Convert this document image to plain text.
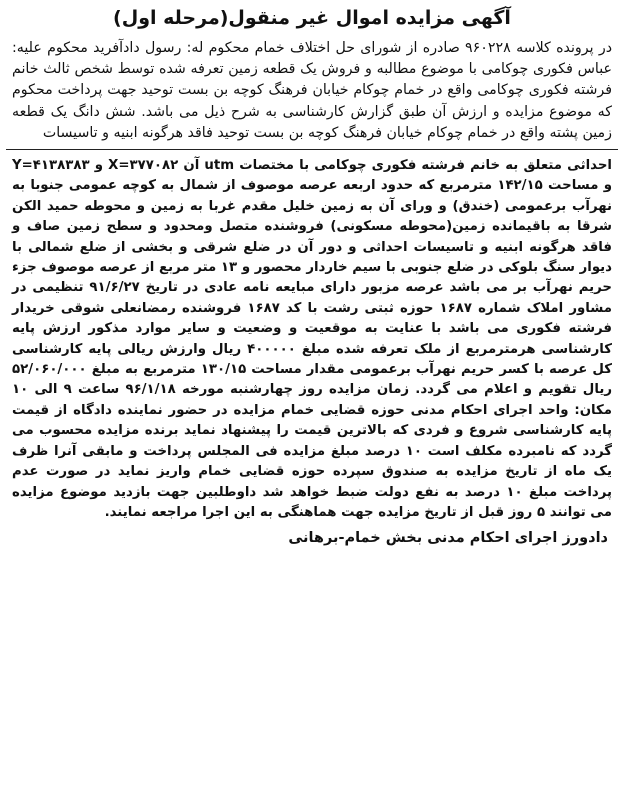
آگهی مزایده اموال غیر منقول(مرحله اول)

در پرونده کلاسه ۹۶۰۲۲۸ صادره از شورای حل اختلاف خمام محکوم له: رسول دادآفرید محکوم علیه: عباس فکوری چوکامی با موضوع مطالبه و فروش یک قطعه زمین تعرفه شده توسط شخص ثالث خانم فرشته فکوری چوکامی واقع در خمام چوکام خیابان فرهنگ کوچه بن بست توحید جهت پرداخت محکوم که موضوع مزایده و ارزش آن طبق گزارش کارشناسی به شرح ذیل می باشد. شش دانگ یک قطعه زمین پشته واقع در خمام چوکام خیابان فرهنگ کوچه بن بست توحید فاقد هرگونه ابنیه و تاسیسات

احداثی متعلق به خانم فرشته فکوری چوکامی با مختصات utm آن X=۳۷۷۰۸۲ و Y=۴۱۳۸۳۸۳ و مساحت ۱۴۲/۱۵ مترمربع که حدود اربعه عرصه موصوف از شمال به کوچه عمومی جنوبا به نهرآب برعمومی (خندق) و ورای آن به زمین خلیل مقدم غربا به زمین و محوطه حمید الکن شرقا به باقیمانده زمین(محوطه مسکونی) فروشنده متصل ومحدود و سطح زمین صاف و فاقد هرگونه ابنیه و تاسیسات احداثی و دور آن در ضلع شرقی و بخشی از ضلع شمالی با دیوار سنگ بلوکی در ضلع جنوبی با سیم خاردار محصور و ۱۳ متر مربع از عرصه موصوف جزء حریم نهرآب بر می باشد عرصه مزبور دارای مبایعه نامه عادی در تاریخ ۹۱/۶/۲۷ تنظیمی در مشاور املاک شماره ۱۶۸۷ حوزه ثبتی رشت با کد ۱۶۸۷ فروشنده رمضانعلی شوقی خریدار فرشته فکوری می باشد با عنایت به موقعیت و وضعیت و سایر موارد مذکور ارزش پایه کارشناسی هرمترمربع از ملک تعرفه شده مبلغ ۴۰۰۰۰۰ ریال وارزش ریالی پایه کارشناسی کل عرصه با کسر حریم نهرآب برعمومی مقدار مساحت ۱۳۰/۱۵ مترمربع به مبلغ ۵۲/۰۶۰/۰۰۰ ریال تقویم و اعلام می گردد. زمان مزایده روز چهارشنبه مورخه ۹۶/۱/۱۸ ساعت ۹ الی ۱۰ مکان: واحد اجرای احکام مدنی حوزه قضایی خمام مزایده در حضور نماینده دادگاه از قیمت پایه کارشناسی شروع و فردی که بالاترین قیمت را پیشنهاد نماید برنده مزایده محسوب می گردد که نامبرده مکلف است ۱۰ درصد مبلغ مزایده فی المجلس پرداخت و مابقی آنرا ظرف یک ماه از تاریخ مزایده به صندوق سپرده حوزه قضایی خمام واریز نماید در صورت عدم پرداخت مبلغ ۱۰ درصد به نفع دولت ضبط خواهد شد داوطلبین جهت بازدید موضوع مزایده می توانند ۵ روز قبل از تاریخ مزایده جهت هماهنگی به این اجرا مراجعه نمایند.

دادورز اجرای احکام مدنی بخش خمام-برهانی
